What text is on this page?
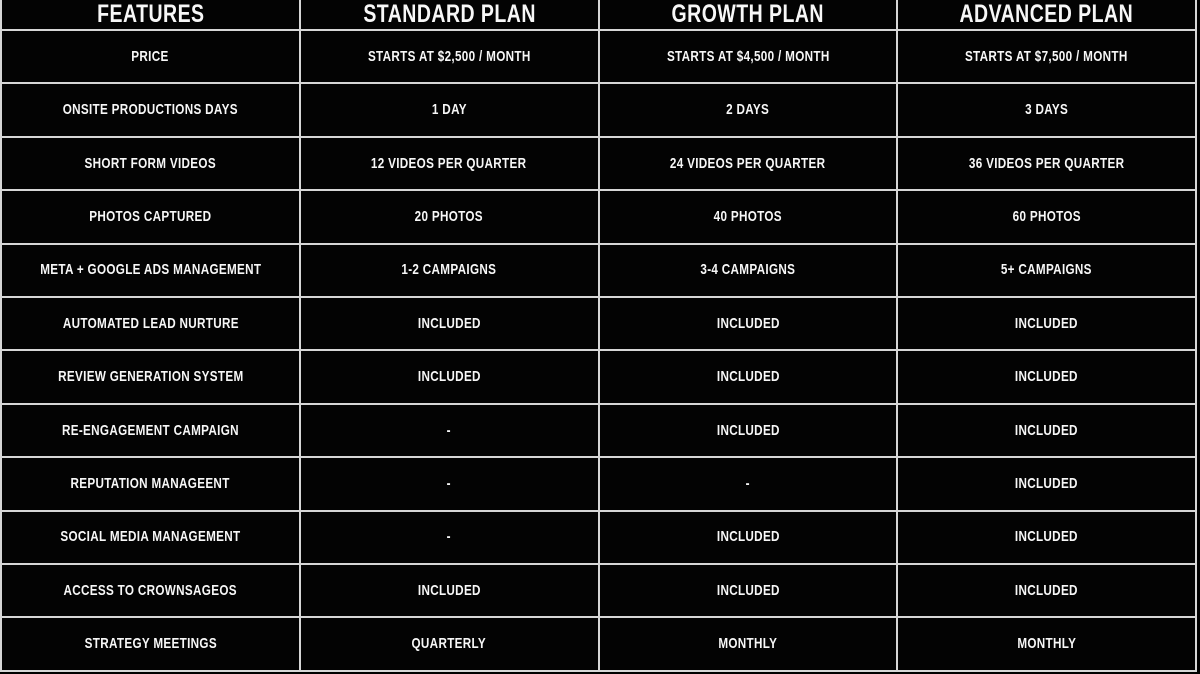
FEATURES	STANDARD PLAN	GROWTH PLAN	ADVANCED PLAN
PRICE	STARTS AT $2,500 / MONTH	STARTS AT $4,500 / MONTH	STARTS AT $7,500 / MONTH
ONSITE PRODUCTIONS DAYS	1 DAY	2 DAYS	3 DAYS
SHORT FORM VIDEOS	12 VIDEOS PER QUARTER	24 VIDEOS PER QUARTER	36 VIDEOS PER QUARTER
PHOTOS CAPTURED	20 PHOTOS	40 PHOTOS	60 PHOTOS
META + GOOGLE ADS MANAGEMENT	1-2 CAMPAIGNS	3-4 CAMPAIGNS	5+ CAMPAIGNS
AUTOMATED LEAD NURTURE	INCLUDED	INCLUDED	INCLUDED
REVIEW GENERATION SYSTEM	INCLUDED	INCLUDED	INCLUDED
RE-ENGAGEMENT CAMPAIGN	-	INCLUDED	INCLUDED
REPUTATION MANAGEENT	-	-	INCLUDED
SOCIAL MEDIA MANAGEMENT	-	INCLUDED	INCLUDED
ACCESS TO CROWNSAGEOS	INCLUDED	INCLUDED	INCLUDED
STRATEGY MEETINGS	QUARTERLY	MONTHLY	MONTHLY
